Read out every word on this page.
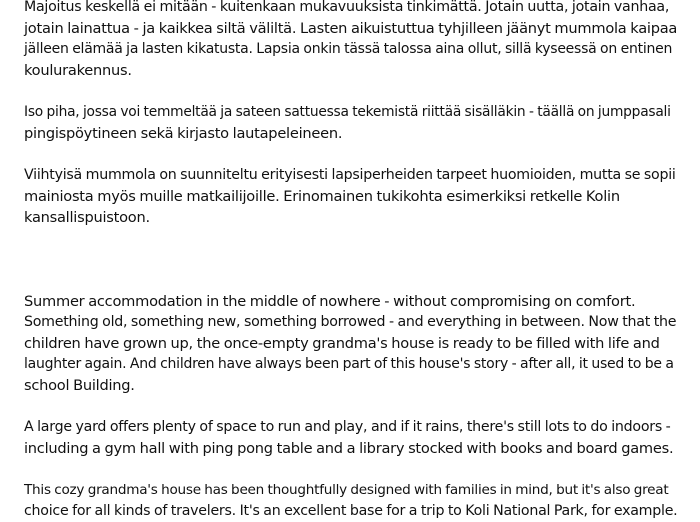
Majoitus keskellä ei mitään - kuitenkaan mukavuuksista tinkimättä. Jotain uutta, jotain vanhaa,
jotain lainattua - ja kaikkea siltä väliltä. Lasten aikuistuttua tyhjilleen jäänyt mummola kaipaa
jälleen elämää ja lasten kikatusta. Lapsia onkin tässä talossa aina ollut, sillä kyseessä on entinen
koulurakennus.

Iso piha, jossa voi temmeltää ja sateen sattuessa tekemistä riittää sisälläkin - täällä on jumppasali
pingispöytineen sekä kirjasto lautapeleineen.

Viihtyisä mummola on suunniteltu erityisesti lapsiperheiden tarpeet huomioiden, mutta se sopii
mainiosta myös muille matkailijoille. Erinomainen tukikohta esimerkiksi retkelle Kolin
kansallispuistoon.

Summer accommodation in the middle of nowhere - without compromising on comfort.
Something old, something new, something borrowed - and everything in between. Now that the
children have grown up, the once-empty grandma's house is ready to be filled with life and
laughter again. And children have always been part of this house's story - after all, it used to be a
school Building.

A large yard offers plenty of space to run and play, and if it rains, there's still lots to do indoors -
including a gym hall with ping pong table and a library stocked with books and board games.

This cozy grandma's house has been thoughtfully designed with families in mind, but it's also great
choice for all kinds of travelers. It's an excellent base for a trip to Koli National Park, for example.
